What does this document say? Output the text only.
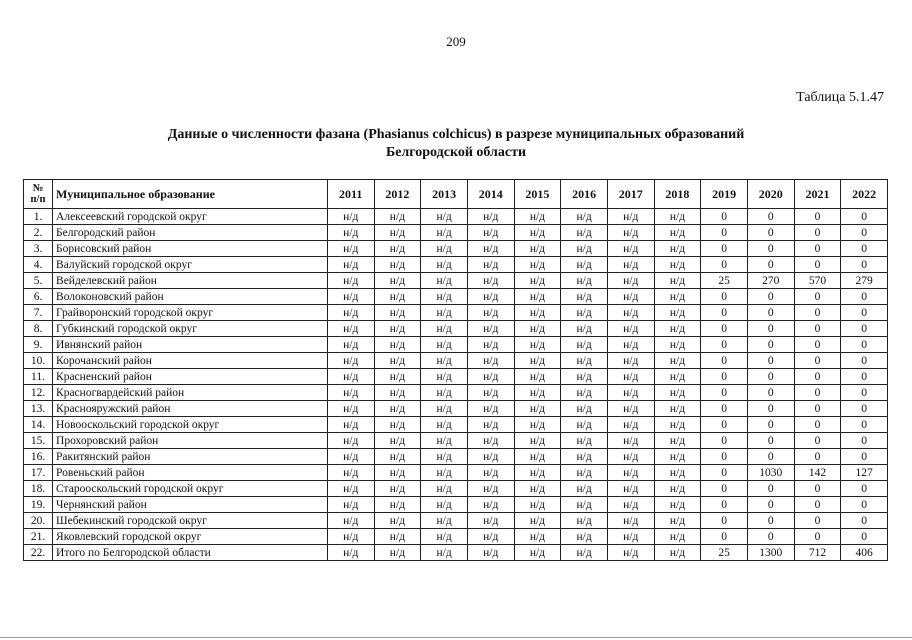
209
Таблица 5.1.47
Данные о численности фазана (Phasianus colchicus) в разрезе муниципальных образований
Белгородской области
№
п/п	Муниципальное образование	2011	2012	2013	2014	2015	2016	2017	2018	2019	2020	2021	2022
1.	Алексеевский городской округ	н/д	н/д	н/д	н/д	н/д	н/д	н/д	н/д	0	0	0	0
2.	Белгородский район	н/д	н/д	н/д	н/д	н/д	н/д	н/д	н/д	0	0	0	0
3.	Борисовский район	н/д	н/д	н/д	н/д	н/д	н/д	н/д	н/д	0	0	0	0
4.	Валуйский городской округ	н/д	н/д	н/д	н/д	н/д	н/д	н/д	н/д	0	0	0	0
5.	Вейделевский район	н/д	н/д	н/д	н/д	н/д	н/д	н/д	н/д	25	270	570	279
6.	Волоконовский район	н/д	н/д	н/д	н/д	н/д	н/д	н/д	н/д	0	0	0	0
7.	Грайворонский городской округ	н/д	н/д	н/д	н/д	н/д	н/д	н/д	н/д	0	0	0	0
8.	Губкинский городской округ	н/д	н/д	н/д	н/д	н/д	н/д	н/д	н/д	0	0	0	0
9.	Ивнянский район	н/д	н/д	н/д	н/д	н/д	н/д	н/д	н/д	0	0	0	0
10.	Корочанский район	н/д	н/д	н/д	н/д	н/д	н/д	н/д	н/д	0	0	0	0
11.	Красненский район	н/д	н/д	н/д	н/д	н/д	н/д	н/д	н/д	0	0	0	0
12.	Красногвардейский район	н/д	н/д	н/д	н/д	н/д	н/д	н/д	н/д	0	0	0	0
13.	Краснояружский район	н/д	н/д	н/д	н/д	н/д	н/д	н/д	н/д	0	0	0	0
14.	Новооскольский городской округ	н/д	н/д	н/д	н/д	н/д	н/д	н/д	н/д	0	0	0	0
15.	Прохоровский район	н/д	н/д	н/д	н/д	н/д	н/д	н/д	н/д	0	0	0	0
16.	Ракитянский район	н/д	н/д	н/д	н/д	н/д	н/д	н/д	н/д	0	0	0	0
17.	Ровеньский район	н/д	н/д	н/д	н/д	н/д	н/д	н/д	н/д	0	1030	142	127
18.	Старооскольский городской округ	н/д	н/д	н/д	н/д	н/д	н/д	н/д	н/д	0	0	0	0
19.	Чернянский район	н/д	н/д	н/д	н/д	н/д	н/д	н/д	н/д	0	0	0	0
20.	Шебекинский городской округ	н/д	н/д	н/д	н/д	н/д	н/д	н/д	н/д	0	0	0	0
21.	Яковлевский городской округ	н/д	н/д	н/д	н/д	н/д	н/д	н/д	н/д	0	0	0	0
22.	Итого по Белгородской области	н/д	н/д	н/д	н/д	н/д	н/д	н/д	н/д	25	1300	712	406
